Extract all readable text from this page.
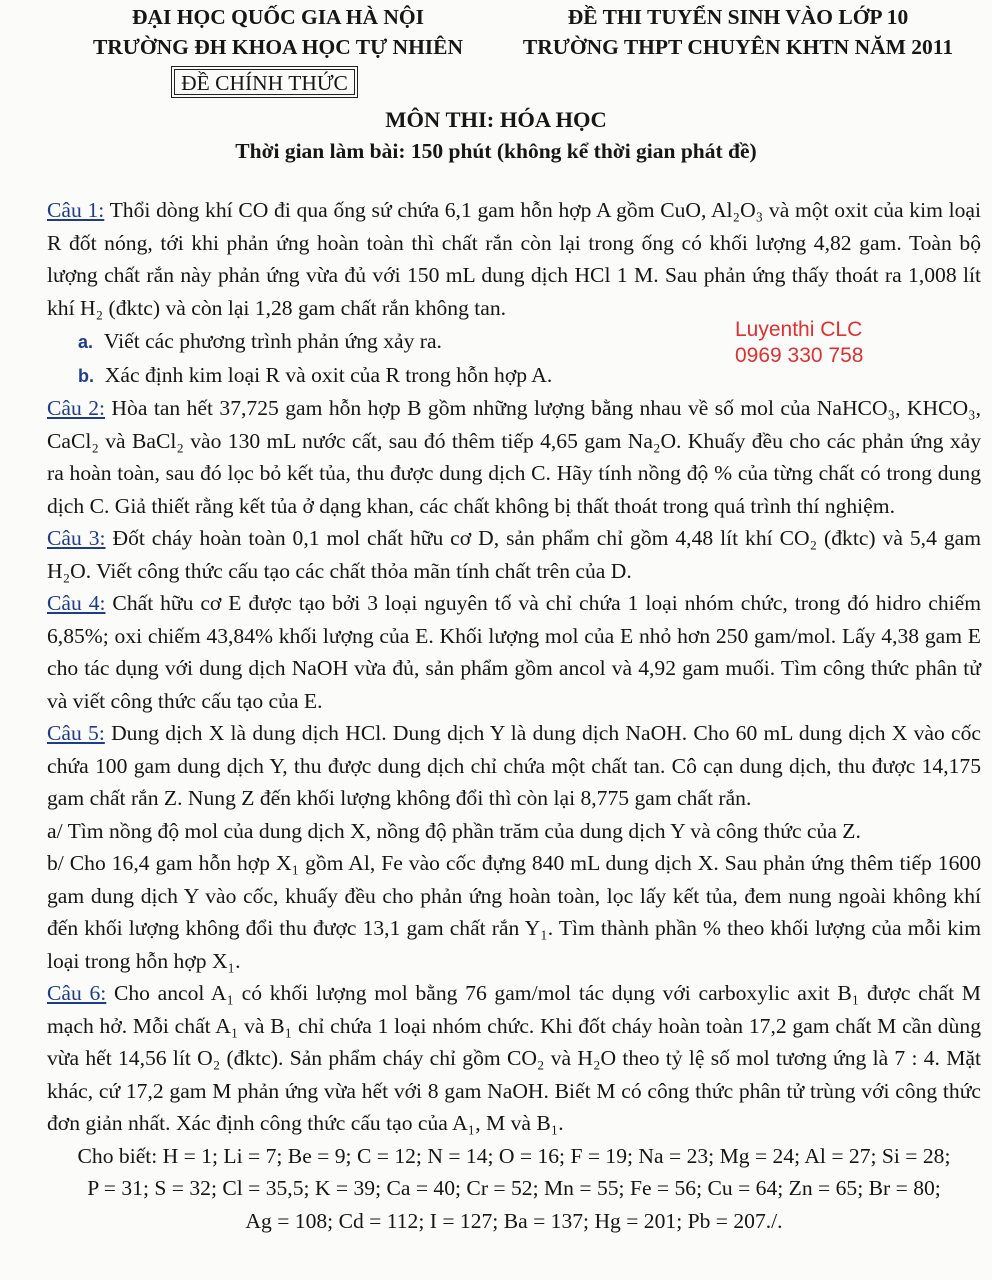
ĐẠI HỌC QUỐC GIA HÀ NỘI
TRƯỜNG ĐH KHOA HỌC TỰ NHIÊN
ĐỀ THI TUYỂN SINH VÀO LỚP 10
TRƯỜNG THPT CHUYÊN KHTN NĂM 2011
ĐỀ CHÍNH THỨC
MÔN THI: HÓA HỌC
Thời gian làm bài: 150 phút (không kể thời gian phát đề)
Luyenthi CLC
0969 330 758

Câu 1: Thổi dòng khí CO đi qua ống sứ chứa 6,1 gam hỗn hợp A gồm CuO, Al₂O₃ và một oxit của kim loại R đốt nóng, tới khi phản ứng hoàn toàn thì chất rắn còn lại trong ống có khối lượng 4,82 gam. Toàn bộ lượng chất rắn này phản ứng vừa đủ với 150 mL dung dịch HCl 1 M. Sau phản ứng thấy thoát ra 1,008 lít khí H₂ (đktc) và còn lại 1,28 gam chất rắn không tan.

a. Viết các phương trình phản ứng xảy ra.

b. Xác định kim loại R và oxit của R trong hỗn hợp A.

Câu 2: Hòa tan hết 37,725 gam hỗn hợp B gồm những lượng bằng nhau về số mol của NaHCO₃, KHCO₃, CaCl₂ và BaCl₂ vào 130 mL nước cất, sau đó thêm tiếp 4,65 gam Na₂O. Khuấy đều cho các phản ứng xảy ra hoàn toàn, sau đó lọc bỏ kết tủa, thu được dung dịch C. Hãy tính nồng độ % của từng chất có trong dung dịch C. Giả thiết rằng kết tủa ở dạng khan, các chất không bị thất thoát trong quá trình thí nghiệm.

Câu 3: Đốt cháy hoàn toàn 0,1 mol chất hữu cơ D, sản phẩm chỉ gồm 4,48 lít khí CO₂ (đktc) và 5,4 gam H₂O. Viết công thức cấu tạo các chất thỏa mãn tính chất trên của D.

Câu 4: Chất hữu cơ E được tạo bởi 3 loại nguyên tố và chỉ chứa 1 loại nhóm chức, trong đó hidro chiếm 6,85%; oxi chiếm 43,84% khối lượng của E. Khối lượng mol của E nhỏ hơn 250 gam/mol. Lấy 4,38 gam E cho tác dụng với dung dịch NaOH vừa đủ, sản phẩm gồm ancol và 4,92 gam muối. Tìm công thức phân tử và viết công thức cấu tạo của E.

Câu 5: Dung dịch X là dung dịch HCl. Dung dịch Y là dung dịch NaOH. Cho 60 mL dung dịch X vào cốc chứa 100 gam dung dịch Y, thu được dung dịch chỉ chứa một chất tan. Cô cạn dung dịch, thu được 14,175 gam chất rắn Z. Nung Z đến khối lượng không đổi thì còn lại 8,775 gam chất rắn.

a/ Tìm nồng độ mol của dung dịch X, nồng độ phần trăm của dung dịch Y và công thức của Z.

b/ Cho 16,4 gam hỗn hợp X₁ gồm Al, Fe vào cốc đựng 840 mL dung dịch X. Sau phản ứng thêm tiếp 1600 gam dung dịch Y vào cốc, khuấy đều cho phản ứng hoàn toàn, lọc lấy kết tủa, đem nung ngoài không khí đến khối lượng không đổi thu được 13,1 gam chất rắn Y₁. Tìm thành phần % theo khối lượng của mỗi kim loại trong hỗn hợp X₁.

Câu 6: Cho ancol A₁ có khối lượng mol bằng 76 gam/mol tác dụng với carboxylic axit B₁ được chất M mạch hở. Mỗi chất A₁ và B₁ chỉ chứa 1 loại nhóm chức. Khi đốt cháy hoàn toàn 17,2 gam chất M cần dùng vừa hết 14,56 lít O₂ (đktc). Sản phẩm cháy chỉ gồm CO₂ và H₂O theo tỷ lệ số mol tương ứng là 7 : 4. Mặt khác, cứ 17,2 gam M phản ứng vừa hết với 8 gam NaOH. Biết M có công thức phân tử trùng với công thức đơn giản nhất. Xác định công thức cấu tạo của A₁, M và B₁.

Cho biết: H = 1; Li = 7; Be = 9; C = 12; N = 14; O = 16; F = 19; Na = 23; Mg = 24; Al = 27; Si = 28;

P = 31; S = 32; Cl = 35,5; K = 39; Ca = 40; Cr = 52; Mn = 55; Fe = 56; Cu = 64; Zn = 65; Br = 80;

Ag = 108; Cd = 112; I = 127; Ba = 137; Hg = 201; Pb = 207./.
